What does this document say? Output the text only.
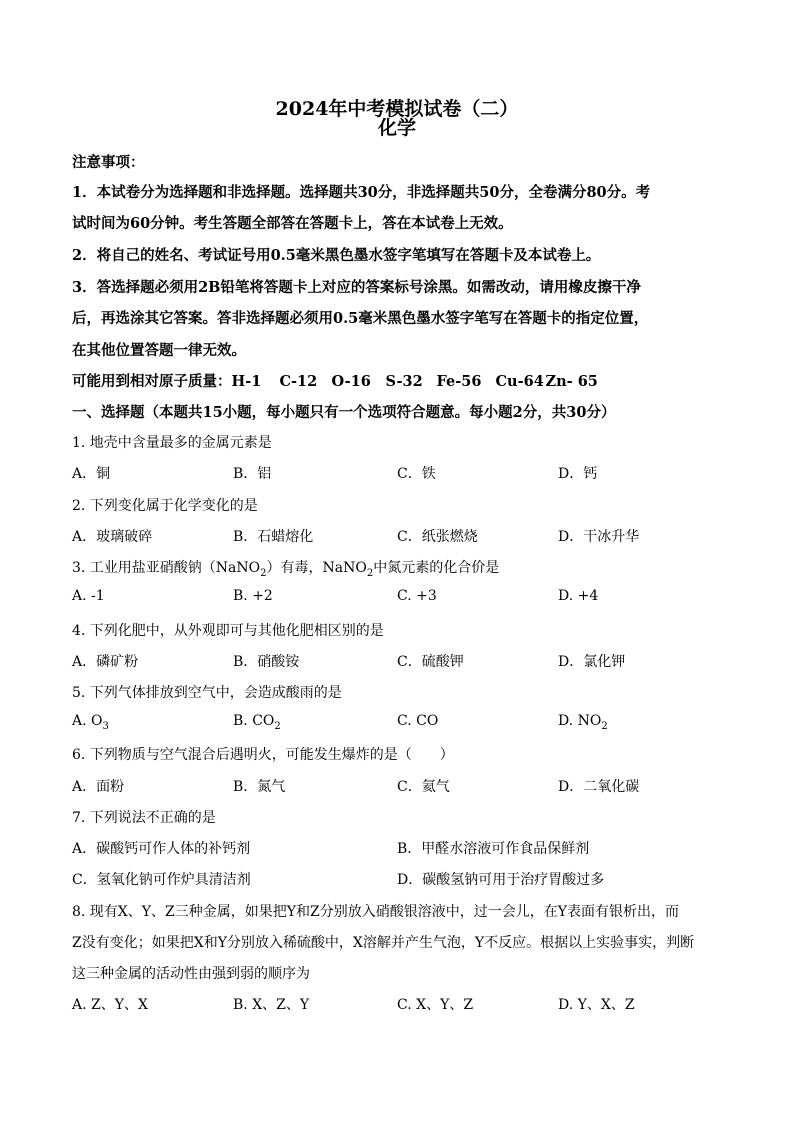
2024年中考模拟试卷（二）
化学
注意事项：
1．本试卷分为选择题和非选择题。选择题共30分，非选择题共50分，全卷满分80分。考
试时间为60分钟。考生答题全部答在答题卡上，答在本试卷上无效。
2．将自己的姓名、考试证号用0.5毫米黑色墨水签字笔填写在答题卡及本试卷上。
3．答选择题必须用2B铅笔将答题卡上对应的答案标号涂黑。如需改动，请用橡皮擦干净
后，再选涂其它答案。答非选择题必须用0.5毫米黑色墨水签字笔写在答题卡的指定位置，
在其他位置答题一律无效。
可能用到相对原子质量：H-1 C-12 O-16 S-32 Fe-56 Cu-64 Zn- 65
一、选择题（本题共15小题，每小题只有一个选项符合题意。每小题2分，共30分）
1. 地壳中含量最多的金属元素是
A．铜	B．铝	C．铁	D．钙
2. 下列变化属于化学变化的是
A．玻璃破碎	B．石蜡熔化	C．纸张燃烧	D．干冰升华
3. 工业用盐亚硝酸钠（NaNO$_2$）有毒，NaNO$_2$中氮元素的化合价是
A. -1	B. +2	C. +3	D. +4
4. 下列化肥中，从外观即可与其他化肥相区别的是
A．磷矿粉	B．硝酸铵	C．硫酸钾	D．氯化钾
5. 下列气体排放到空气中，会造成酸雨的是
A. $O_3$	B. $CO_2$	C. CO	D. $NO_2$
6. 下列物质与空气混合后遇明火，可能发生爆炸的是（　　）
A．面粉	B．氮气	C．氦气	D．二氧化碳
7. 下列说法不正确的是
A．碳酸钙可作人体的补钙剂	B．甲醛水溶液可作食品保鲜剂
C．氢氧化钠可作炉具清洁剂	D．碳酸氢钠可用于治疗胃酸过多
8. 现有X、Y、Z三种金属，如果把Y和Z分别放入硝酸银溶液中，过一会儿，在Y表面有银析出，而
Z没有变化；如果把X和Y分别放入稀硫酸中，X溶解并产生气泡，Y不反应。根据以上实验事实，判断
这三种金属的活动性由强到弱的顺序为
A. Z、Y、X	B. X、Z、Y	C. X、Y、Z	D. Y、X、Z
